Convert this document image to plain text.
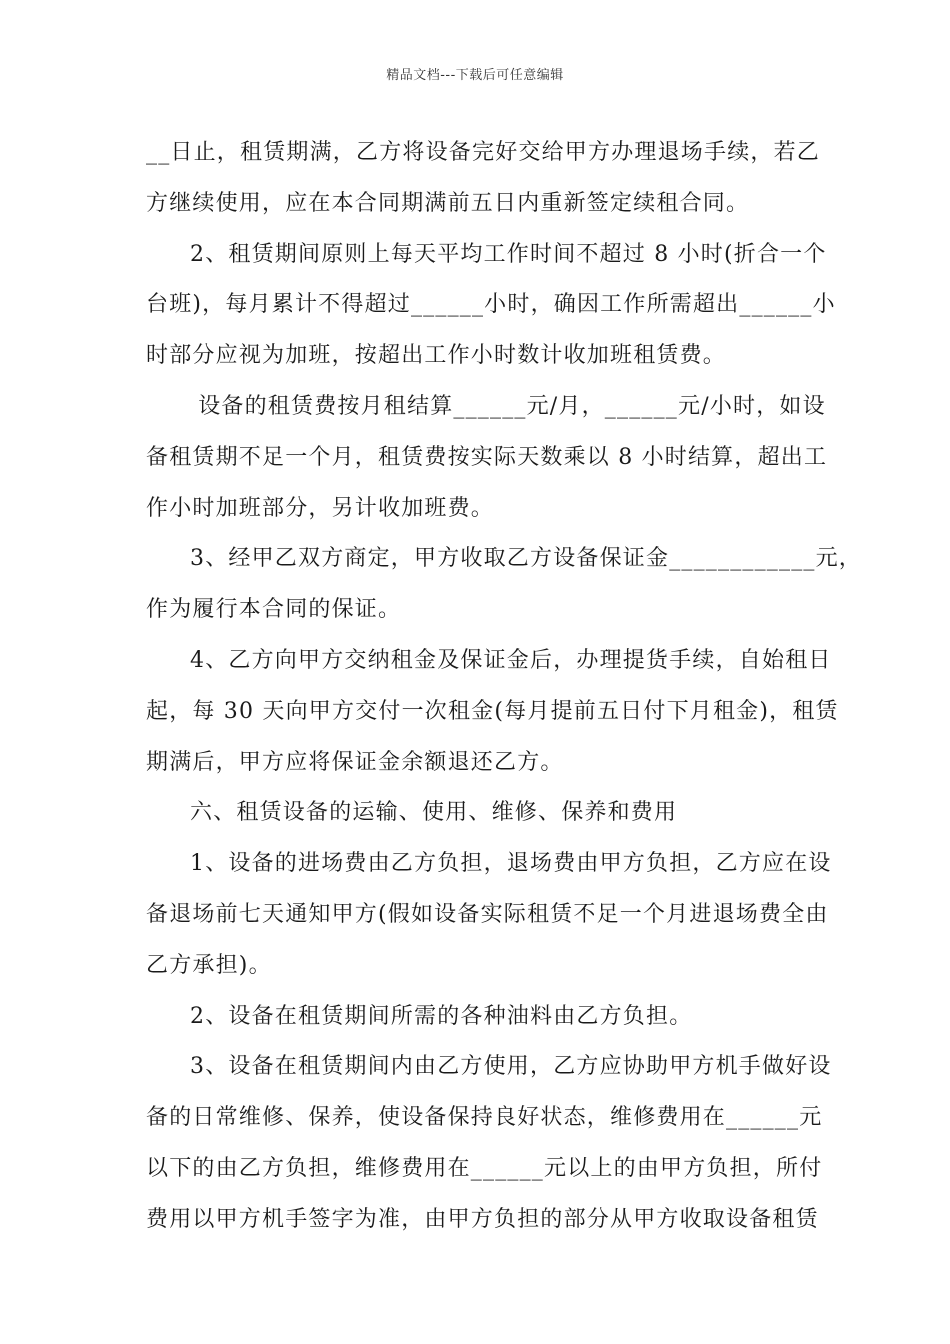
精品文档---下载后可任意编辑
__日止，租赁期满，乙方将设备完好交给甲方办理退场手续，若乙
方继续使用，应在本合同期满前五日内重新签定续租合同。
2、租赁期间原则上每天平均工作时间不超过 8 小时(折合一个
台班)，每月累计不得超过______小时，确因工作所需超出______小
时部分应视为加班，按超出工作小时数计收加班租赁费。
设备的租赁费按月租结算______元/月，______元/小时，如设
备租赁期不足一个月，租赁费按实际天数乘以 8 小时结算，超出工
作小时加班部分，另计收加班费。
3、经甲乙双方商定，甲方收取乙方设备保证金____________元，
作为履行本合同的保证。
4、乙方向甲方交纳租金及保证金后，办理提货手续，自始租日
起，每 30 天向甲方交付一次租金(每月提前五日付下月租金)，租赁
期满后，甲方应将保证金余额退还乙方。
六、租赁设备的运输、使用、维修、保养和费用
1、设备的进场费由乙方负担，退场费由甲方负担，乙方应在设
备退场前七天通知甲方(假如设备实际租赁不足一个月进退场费全由
乙方承担)。
2、设备在租赁期间所需的各种油料由乙方负担。
3、设备在租赁期间内由乙方使用，乙方应协助甲方机手做好设
备的日常维修、保养，使设备保持良好状态，维修费用在______元
以下的由乙方负担，维修费用在______元以上的由甲方负担，所付
费用以甲方机手签字为准，由甲方负担的部分从甲方收取设备租赁
